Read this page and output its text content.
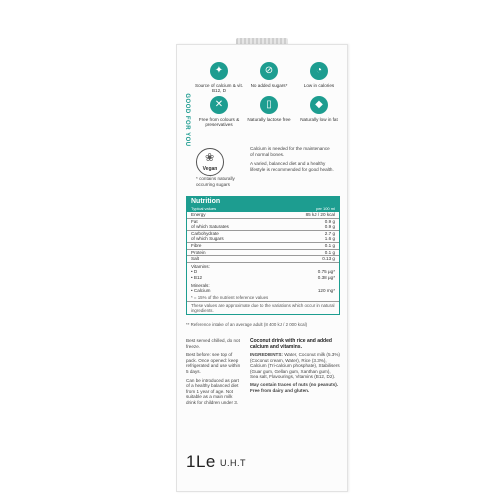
GOOD FOR YOU
✦
Source of calcium & vit. B12, D
⊘
No added sugars*
◔
Low in calories
✕
Free from colours & preservatives
▯
Naturally lactose free
◆
Naturally low in fat
❀
Vegan
Calcium is needed for the maintenance of normal bones.
A varied, balanced diet and a healthy lifestyle is recommended for good health.
* contains naturally occurring sugars
Nutrition
Typical values	per 100 ml
Energy	85 kJ / 20 kcal
Fat	0.9 g
of which Saturates	0.9 g
Carbohydrate	2.7 g
of which Sugars	1.6 g
Fibre	0.1 g
Protein	0.1 g
Salt	0.13 g
Vitamins:
• D	0.75 µg*
• B12	0.38 µg*
Minerals:
• Calcium	120 mg*
* = 15% of the nutrient reference values
These values are approximate due to the variations which occur in natural ingredients.
** Reference intake of an average adult (8 400 kJ / 2 000 kcal)
Best served chilled, do not freeze.
Best before: see top of pack. Once opened: keep refrigerated and use within 5 days.
Can be introduced as part of a healthy balanced diet from 1 year of age. Not suitable as a main milk drink for children under 3.
Coconut drink with rice and added calcium and vitamins.
INGREDIENTS: Water, Coconut milk (5.3%) (Coconut cream, Water), Rice (3.3%), Calcium (Tri-calcium phosphate), Stabilisers (Guar gum, Gellan gum, Xanthan gum), Sea salt, Flavourings, Vitamins (B12, D2).
May contain traces of nuts (no peanuts).
Free from dairy and gluten.
1Le U.H.T
